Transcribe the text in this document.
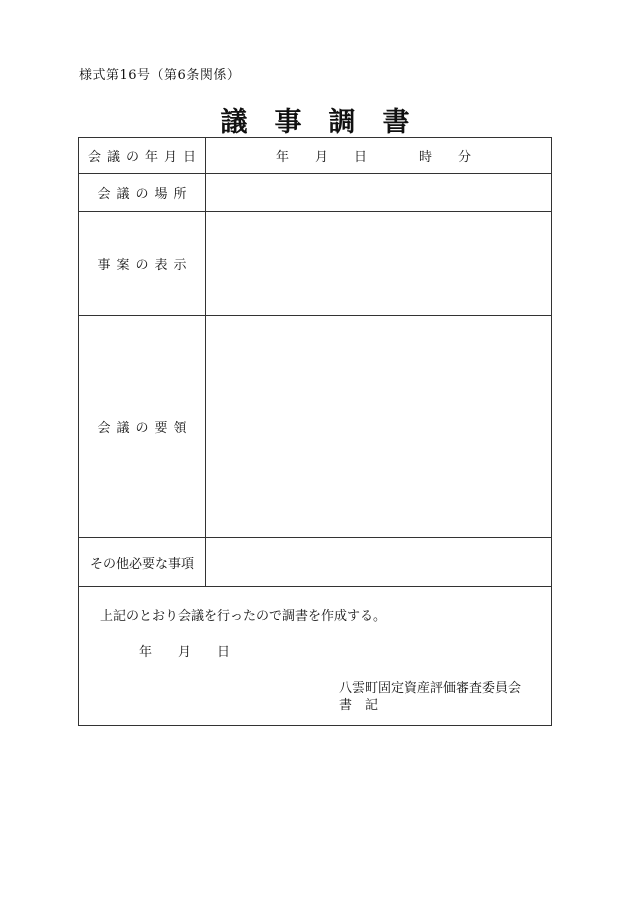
様式第16号（第6条関係）
議　事　調　書
会議の年月日	年　　月　　日　　　　時　　分
会議の場所	
事案の表示	
会議の要領	
その他必要な事項	

上記のとおり会議を行ったので調書を作成する。
年　　月　　日
八雲町固定資産評価審査委員会
書　記	
